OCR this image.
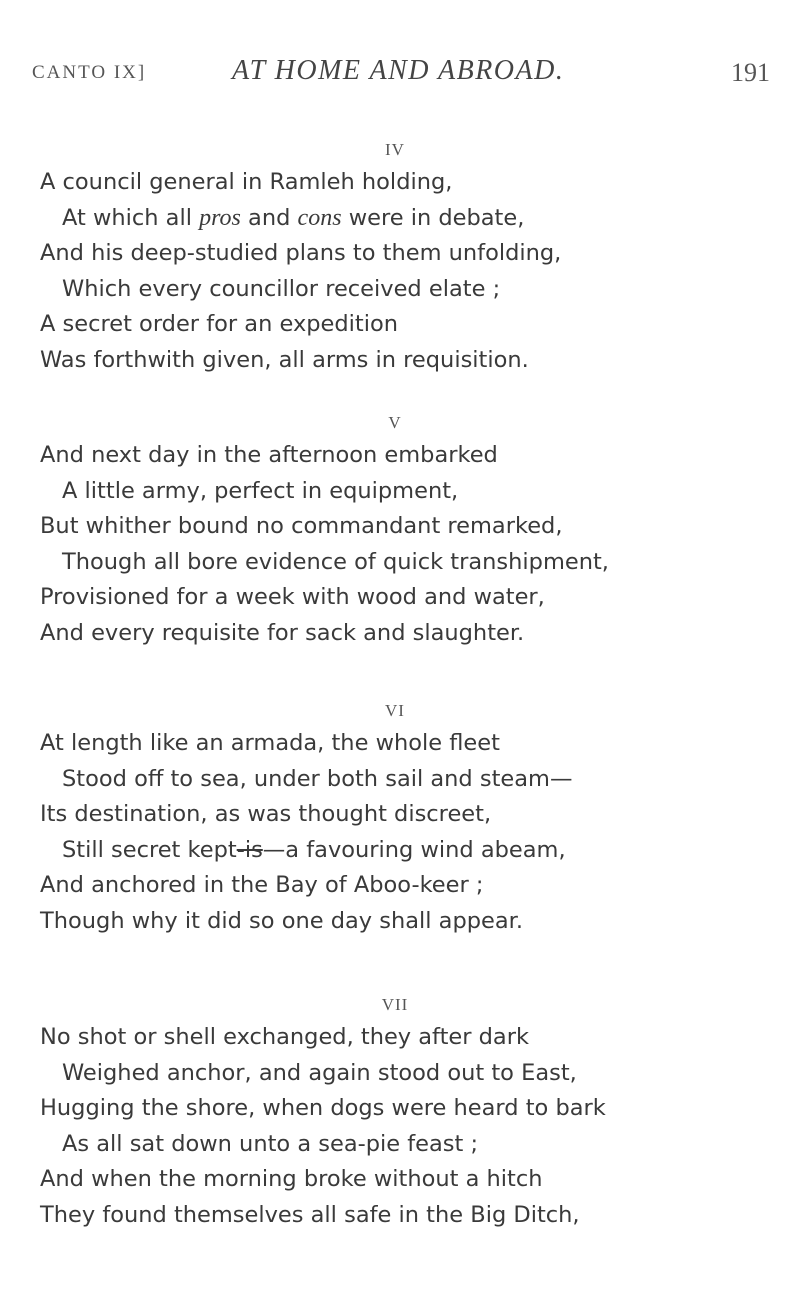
CANTO IX]	AT HOME AND ABROAD.	191
IV
A council general in Ramleh holding,
At which all pros and cons were in debate,
And his deep-studied plans to them unfolding,
Which every councillor received elate ;
A secret order for an expedition
Was forthwith given, all arms in requisition.
V
And next day in the afternoon embarked
A little army, perfect in equipment,
But whither bound no commandant remarked,
Though all bore evidence of quick transhipment,
Provisioned for a week with wood and water,
And every requisite for sack and slaughter.
VI
At length like an armada, the whole fleet
Stood off to sea, under both sail and steam—
Its destination, as was thought discreet,
Still secret kept-is—a favouring wind abeam,
And anchored in the Bay of Aboo-keer ;
Though why it did so one day shall appear.
VII
No shot or shell exchanged, they after dark
Weighed anchor, and again stood out to East,
Hugging the shore, when dogs were heard to bark
As all sat down unto a sea-pie feast ;
And when the morning broke without a hitch
They found themselves all safe in the Big Ditch,
